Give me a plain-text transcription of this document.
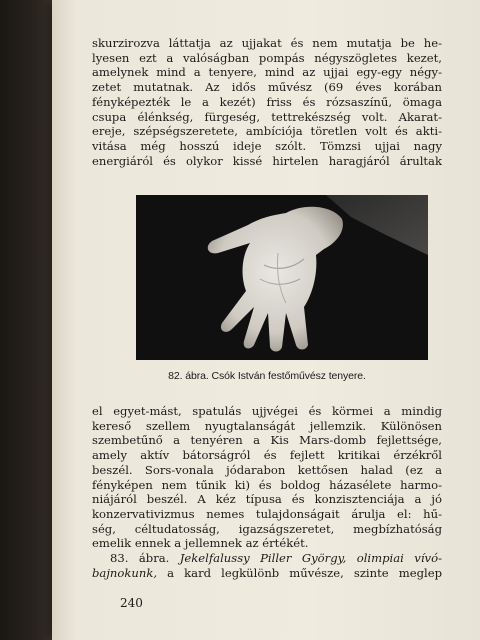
skurzirozva láttatja az ujjakat és nem mutatja be he-
lyesen ezt a valóságban pompás négyszögletes kezet,
amelynek mind a tenyere, mind az ujjai egy-egy négy-
zetet mutatnak. Az idős művész (69 éves korában
fényképezték le a kezét) friss és rózsaszínű, ömaga
csupa élénkség, fürgeség, tettrekészség volt. Akarat-
ereje, szépségszeretete, ambíciója töretlen volt és akti-
vitása még hosszú ideje szólt. Tömzsi ujjai nagy
energiáról és olykor kissé hirtelen haragjáról árultak
82. ábra. Csók István festőművész tenyere.
el egyet-mást, spatulás ujjvégei és körmei a mindig
kereső szellem nyugtalanságát jellemzik. Különösen
szembetűnő a tenyéren a Kis Mars-domb fejlettsége,
amely aktív bátorságról és fejlett kritikai érzékről
beszél. Sors-vonala jódarabon kettősen halad (ez a
fényképen nem tűnik ki) és boldog házasélete harmo-
niájáról beszél. A kéz típusa és konzisztenciája a jó
konzervativizmus nemes tulajdonságait árulja el: hű-
ség, céltudatosság, igazságszeretet, megbízhatóság
emelik ennek a jellemnek az értékét.
83. ábra. Jekelfalussy Piller György, olimpiai vívó-
bajnokunk, a kard legkülönb művésze, szinte meglep
240
